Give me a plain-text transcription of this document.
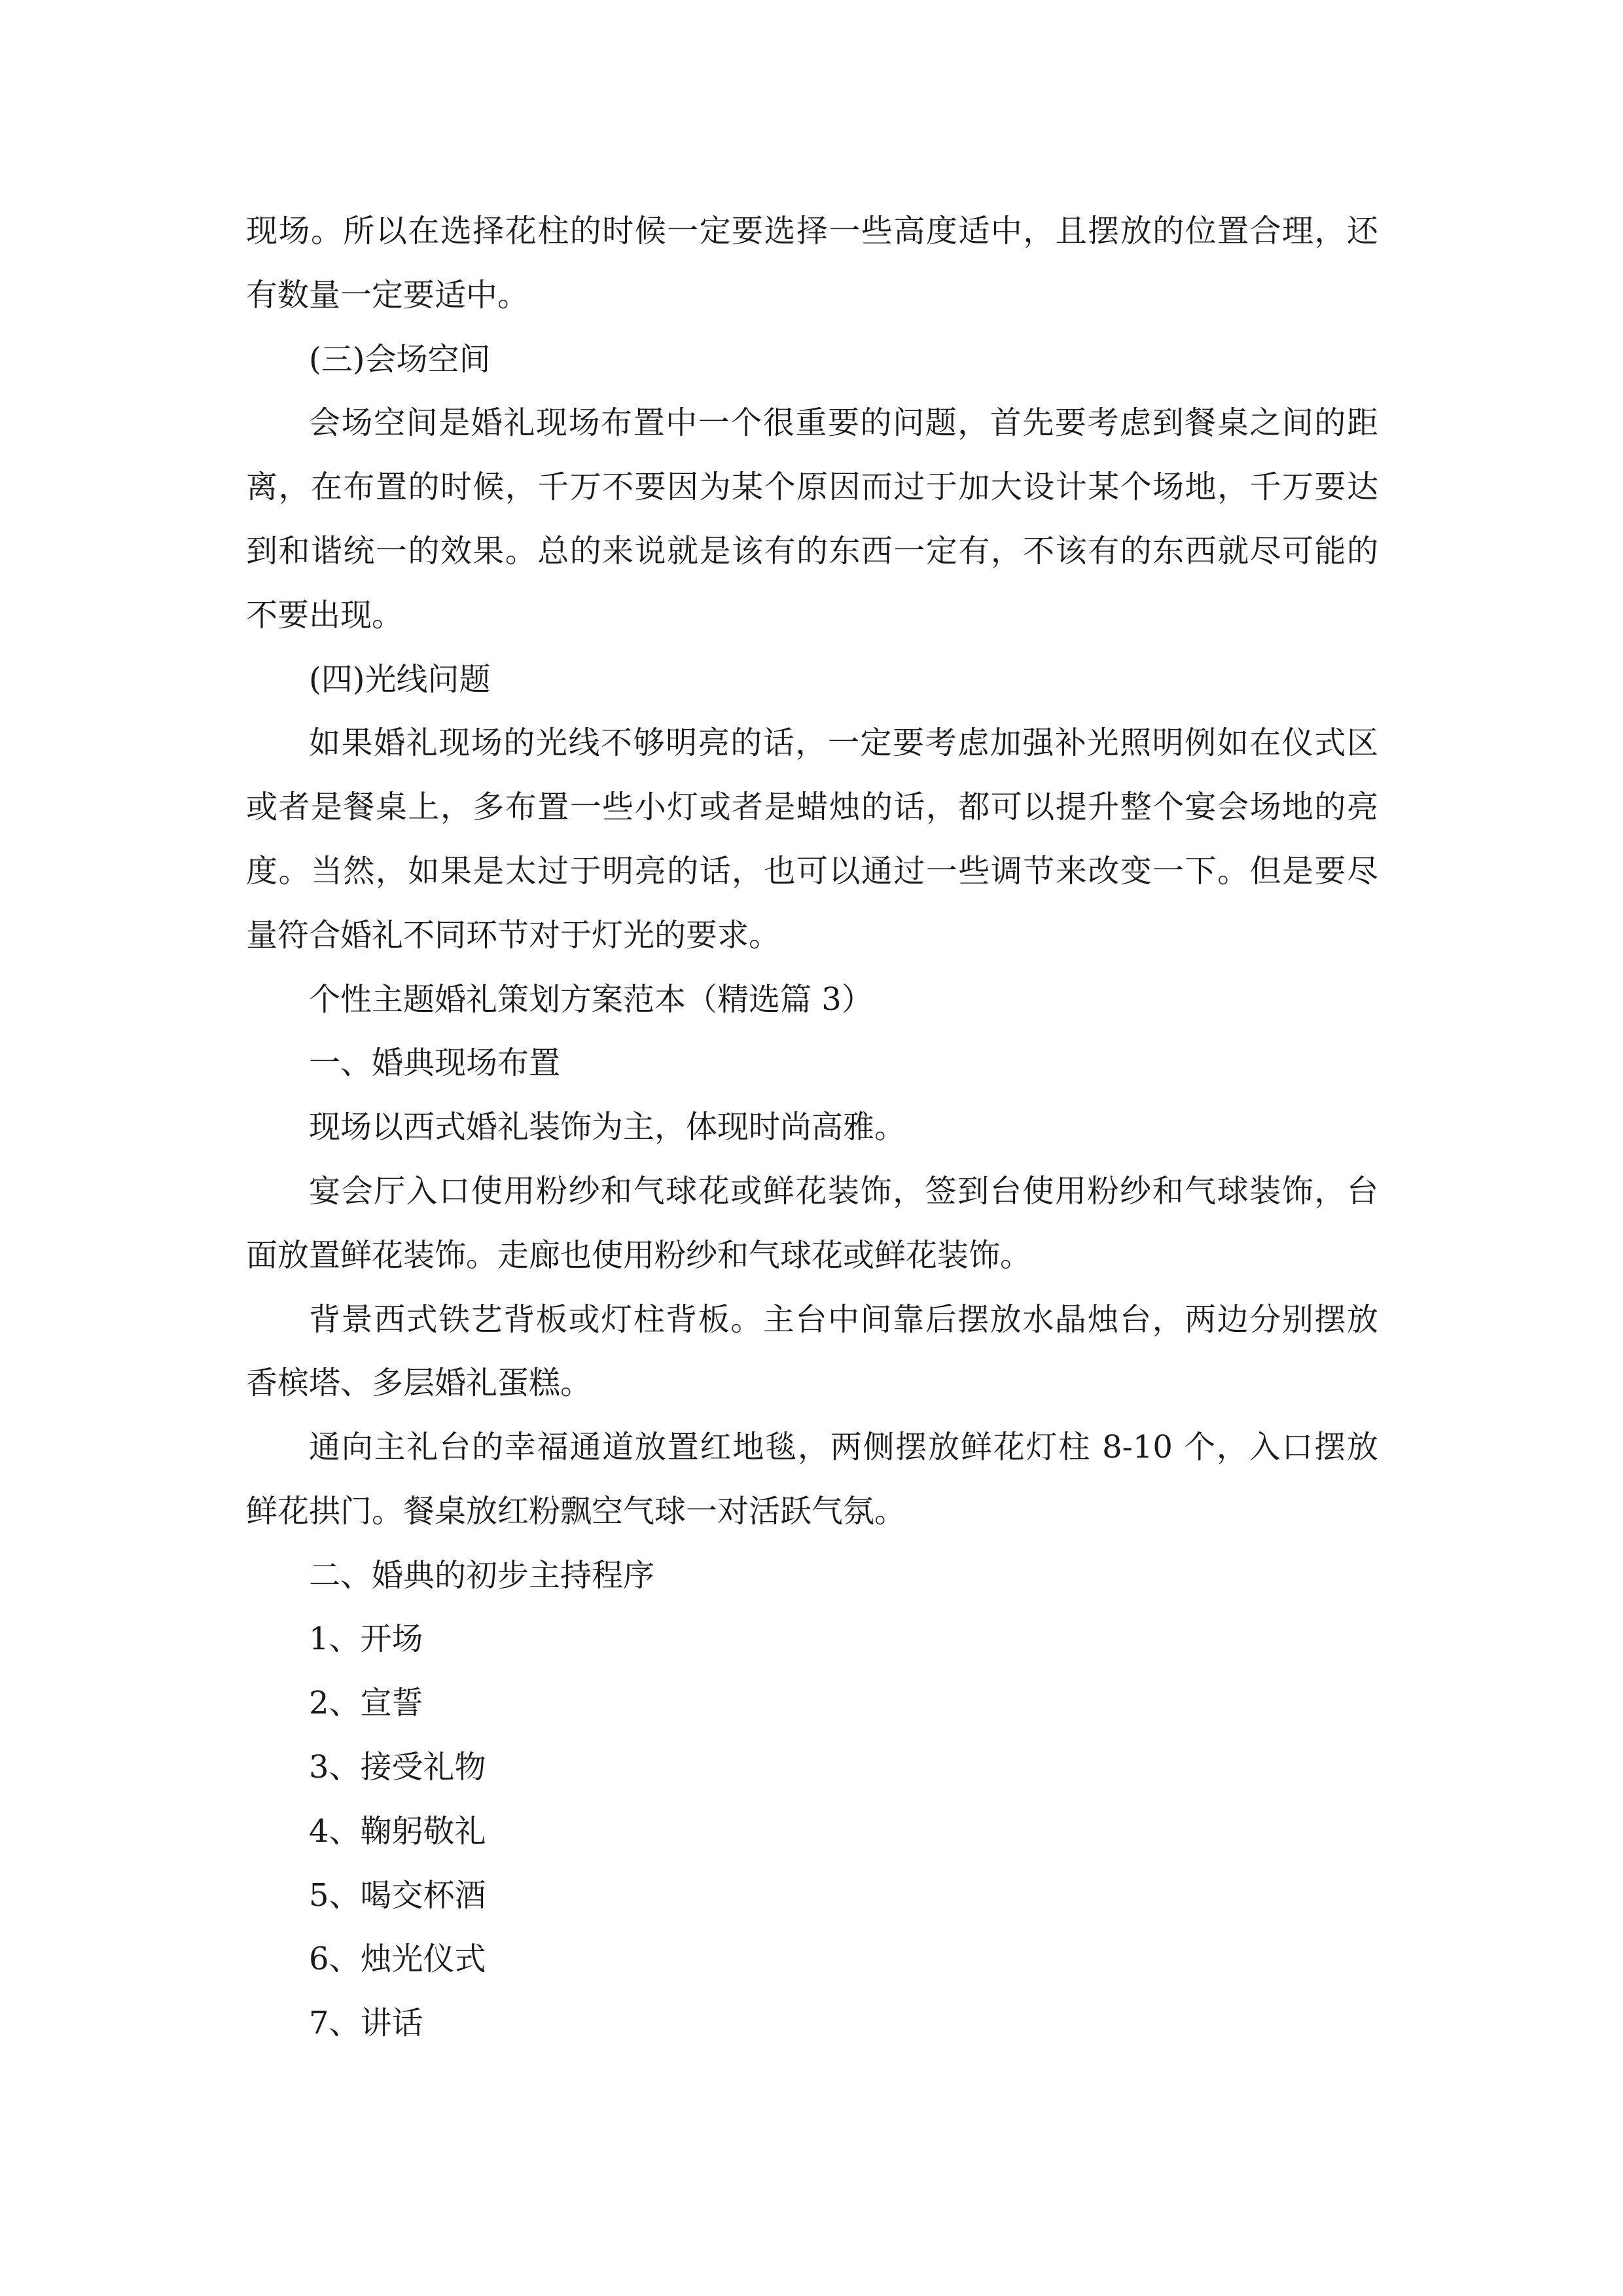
现场。所以在选择花柱的时候一定要选择一些高度适中，且摆放的位置合理，还

有数量一定要适中。

(三)会场空间

会场空间是婚礼现场布置中一个很重要的问题，首先要考虑到餐桌之间的距

离，在布置的时候，千万不要因为某个原因而过于加大设计某个场地，千万要达

到和谐统一的效果。总的来说就是该有的东西一定有，不该有的东西就尽可能的

不要出现。

(四)光线问题

如果婚礼现场的光线不够明亮的话，一定要考虑加强补光照明例如在仪式区

或者是餐桌上，多布置一些小灯或者是蜡烛的话，都可以提升整个宴会场地的亮

度。当然，如果是太过于明亮的话，也可以通过一些调节来改变一下。但是要尽

量符合婚礼不同环节对于灯光的要求。

个性主题婚礼策划方案范本（精选篇 3）

一、婚典现场布置

现场以西式婚礼装饰为主，体现时尚高雅。

宴会厅入口使用粉纱和气球花或鲜花装饰，签到台使用粉纱和气球装饰，台

面放置鲜花装饰。走廊也使用粉纱和气球花或鲜花装饰。

背景西式铁艺背板或灯柱背板。主台中间靠后摆放水晶烛台，两边分别摆放

香槟塔、多层婚礼蛋糕。

通向主礼台的幸福通道放置红地毯，两侧摆放鲜花灯柱 8-10 个，入口摆放

鲜花拱门。餐桌放红粉飘空气球一对活跃气氛。

二、婚典的初步主持程序

1、开场

2、宣誓

3、接受礼物

4、鞠躬敬礼

5、喝交杯酒

6、烛光仪式

7、讲话
